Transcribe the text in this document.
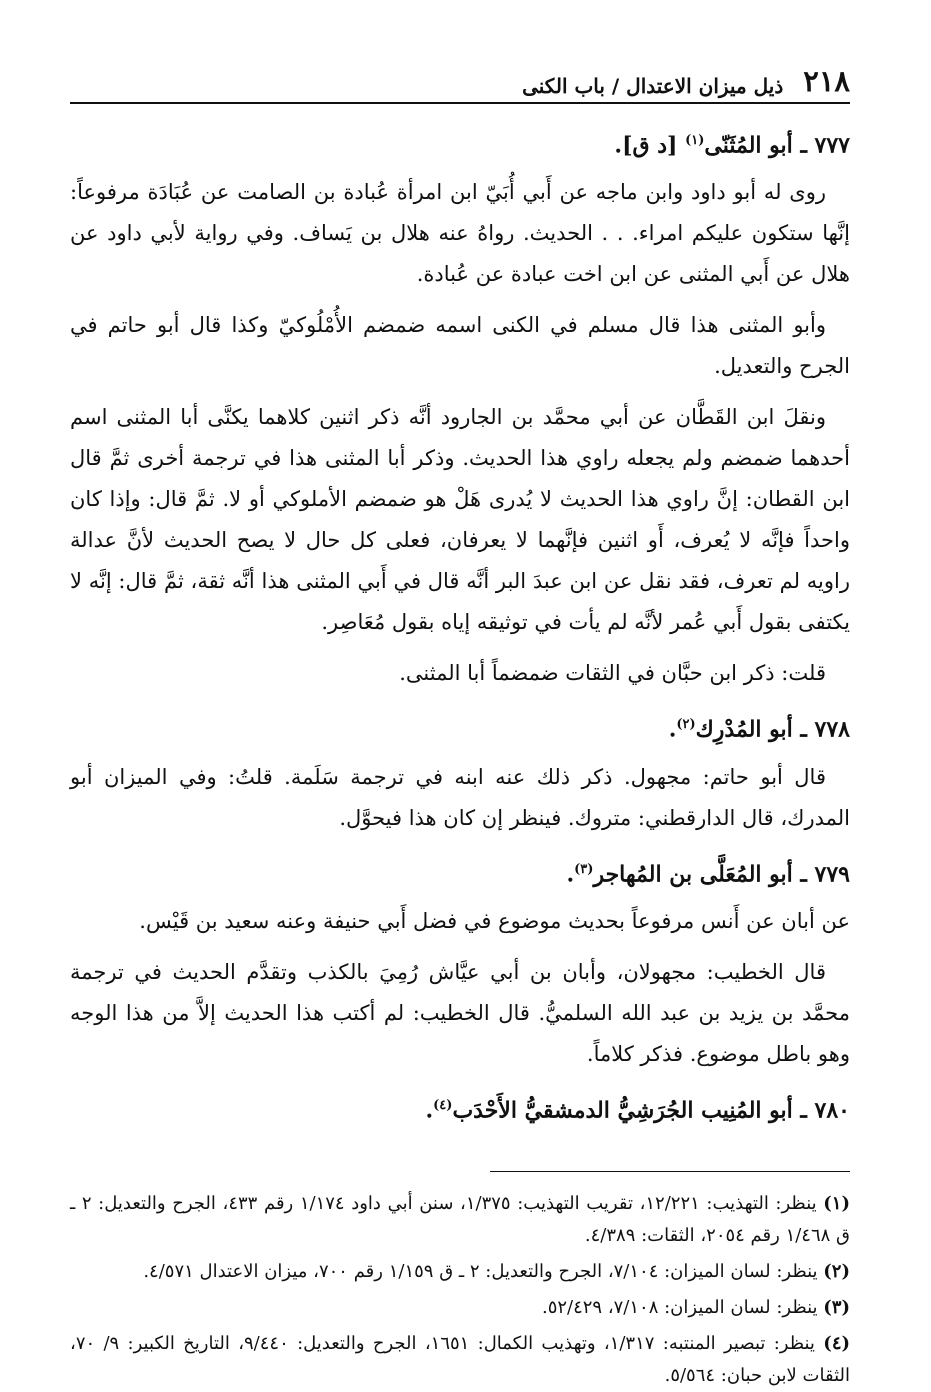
٢١٨
ذيل ميزان الاعتدال / باب الكنى
٧٧٧ ـ أبو المُثَنّى$^{(١)}$ [د ق].

روى له أبو داود وابن ماجه عن أَبي أُبَيّ ابن امرأة عُبادة بن الصامت عن عُبَادَة مرفوعاً: إنَّها ستكون عليكم امراء. . . الحديث. رواهُ عنه هلال بن يَساف. وفي رواية لأبي داود عن هلال عن أَبي المثنى عن ابن اخت عبادة عن عُبادة.

وأبو المثنى هذا قال مسلم في الكنى اسمه ضمضم الأُمْلُوكيّ وكذا قال أبو حاتم في الجرح والتعديل.

ونقلَ ابن القَطَّان عن أبي محمَّد بن الجارود أنَّه ذكر اثنين كلاهما يكنَّى أبا المثنى اسم أحدهما ضمضم ولم يجعله راوي هذا الحديث. وذكر أبا المثنى هذا في ترجمة أخرى ثمَّ قال ابن القطان: إنَّ راوي هذا الحديث لا يُدرى هَلْ هو ضمضم الأملوكي أو لا. ثمَّ قال: وإذا كان واحداً فإنَّه لا يُعرف، أَو اثنين فإنَّهما لا يعرفان، فعلى كل حال لا يصح الحديث لأنَّ عدالة راويه لم تعرف، فقد نقل عن ابن عبدَ البر أنَّه قال في أَبي المثنى هذا أنَّه ثقة، ثمَّ قال: إنَّه لا يكتفى بقول أَبي عُمر لأنَّه لم يأت في توثيقه إياه بقول مُعَاصِر.

قلت: ذكر ابن حبَّان في الثقات ضمضماً أبا المثنى.

٧٧٨ ـ أبو المُدْرِك$^{(٢)}$.

قال أبو حاتم: مجهول. ذكر ذلك عنه ابنه في ترجمة سَلَمة. قلتُ: وفي الميزان أبو المدرك، قال الدارقطني: متروك. فينظر إن كان هذا فيحوَّل.

٧٧٩ ـ أبو المُعَلَّى بن المُهاجر$^{(٣)}$.

عن أبان عن أَنس مرفوعاً بحديث موضوع في فضل أَبي حنيفة وعنه سعيد بن قَيْس.

قال الخطيب: مجهولان، وأبان بن أبي عيَّاش رُمِيَ بالكذب وتقدَّم الحديث في ترجمة محمَّد بن يزيد بن عبد الله السلميُّ. قال الخطيب: لم أكتب هذا الحديث إلاَّ من هذا الوجه وهو باطل موضوع. فذكر كلاماً.

٧٨٠ ـ أبو المُنِيب الجُرَشِيُّ الدمشقيُّ الأَحْدَب$^{(٤)}$.

(١) ينظر: التهذيب: ١٢/٢٢١، تقريب التهذيب: ١/٣٧٥، سنن أبي داود ١/١٧٤ رقم ٤٣٣، الجرح والتعديل: ٢ ـ ق ١/٤٦٨ رقم ٢٠٥٤، الثقات: ٤/٣٨٩.

(٢) ينظر: لسان الميزان: ٧/١٠٤، الجرح والتعديل: ٢ ـ ق ١/١٥٩ رقم ٧٠٠، ميزان الاعتدال ٤/٥٧١.

(٣) ينظر: لسان الميزان: ٧/١٠٨، ٥٢/٤٢٩.

(٤) ينظر: تبصير المنتبه: ١/٣١٧، وتهذيب الكمال: ١٦٥١، الجرح والتعديل: ٩/٤٤٠، التاريخ الكبير: ٩/ ٧٠، الثقات لابن حبان: ٥/٥٦٤.
